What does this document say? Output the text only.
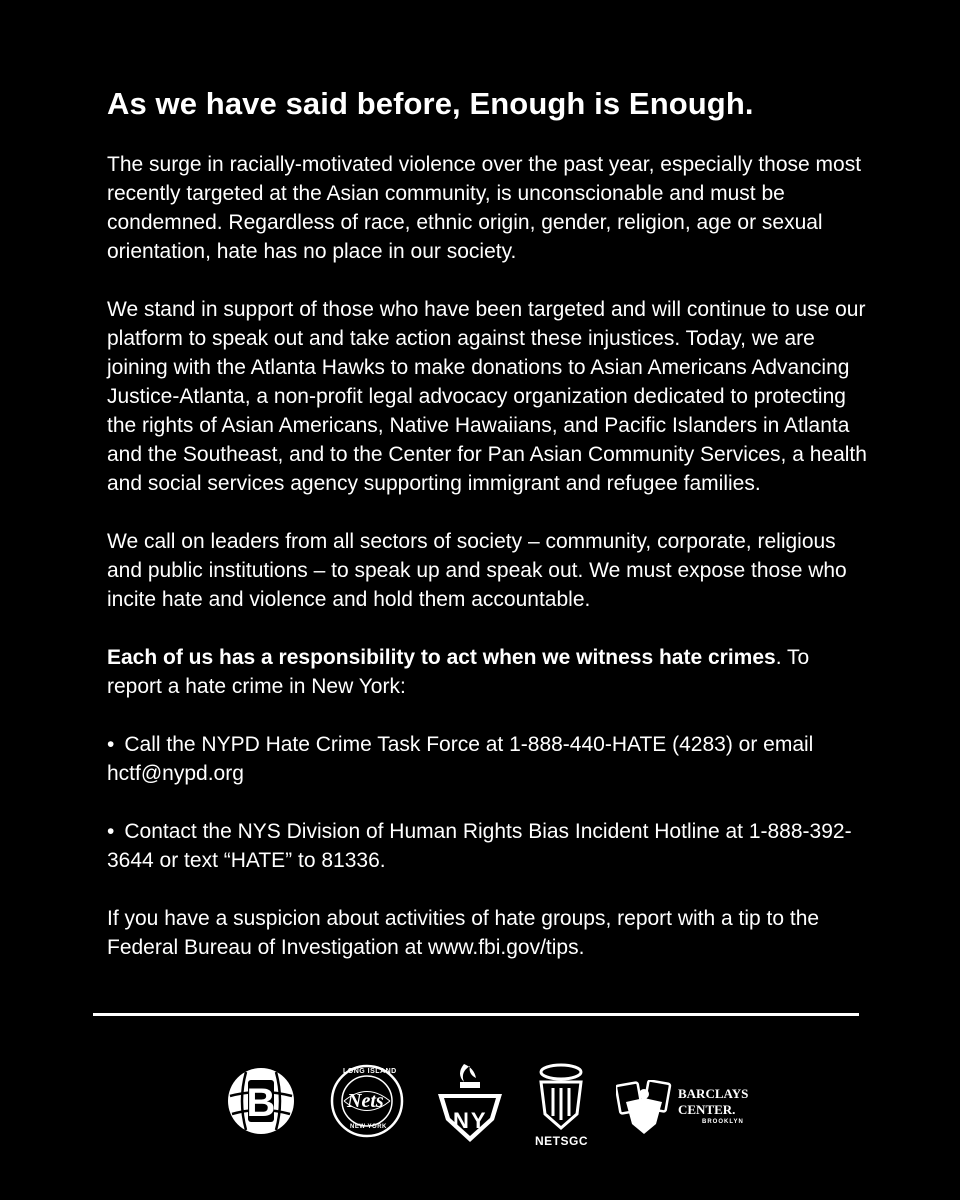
As we have said before, Enough is Enough.

The surge in racially-motivated violence over the past year, especially those most recently targeted at the Asian community, is unconscionable and must be condemned. Regardless of race, ethnic origin, gender, religion, age or sexual orientation, hate has no place in our society.

We stand in support of those who have been targeted and will continue to use our platform to speak out and take action against these injustices. Today, we are joining with the Atlanta Hawks to make donations to Asian Americans Advancing Justice-Atlanta, a non-profit legal advocacy organization dedicated to protecting the rights of Asian Americans, Native Hawaiians, and Pacific Islanders in Atlanta and the Southeast, and to the Center for Pan Asian Community Services, a health and social services agency supporting immigrant and refugee families.

We call on leaders from all sectors of society – community, corporate, religious and public institutions – to speak up and speak out. We must expose those who incite hate and violence and hold them accountable.

Each of us has a responsibility to act when we witness hate crimes. To report a hate crime in New York:

• Call the NYPD Hate Crime Task Force at 1-888-440-HATE (4283) or email hctf@nypd.org

• Contact the NYS Division of Human Rights Bias Incident Hotline at 1-888-392-3644 or text “HATE” to 81336.

If you have a suspicion about activities of hate groups, report with a tip to the Federal Bureau of Investigation at www.fbi.gov/tips.

B
LONG ISLAND
Nets
NEW YORK	NY
NETSGC
BARCLAYS
CENTER.
BROOKLYN
